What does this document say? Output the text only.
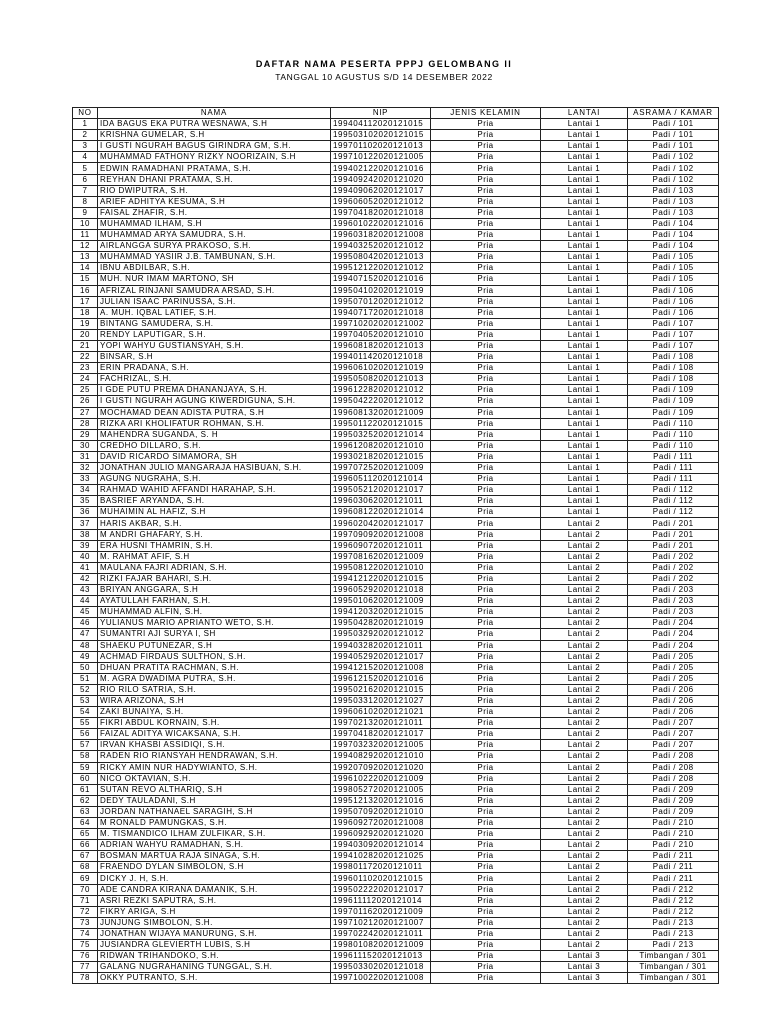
DAFTAR NAMA PESERTA PPPJ GELOMBANG II
TANGGAL 10 AGUSTUS S/D 14 DESEMBER 2022
NO	NAMA	NIP	JENIS KELAMIN	LANTAI	ASRAMA / KAMAR
1	IDA BAGUS EKA PUTRA WESNAWA, S.H	199404112020121015	Pria	Lantai 1	Padi / 101
2	KRISHNA GUMELAR, S.H	199503102020121015	Pria	Lantai 1	Padi / 101
3	I GUSTI NGURAH BAGUS GIRINDRA GM, S.H.	199701102020121013	Pria	Lantai 1	Padi / 101
4	MUHAMMAD FATHONY RIZKY NOORIZAIN, S.H	199710122020121005	Pria	Lantai 1	Padi / 102
5	EDWIN RAMADHANI PRATAMA, S.H.	199402122020121016	Pria	Lantai 1	Padi / 102
6	REYHAN DHANI PRATAMA, S.H.	199409242020121020	Pria	Lantai 1	Padi / 102
7	RIO DWIPUTRA, S.H.	199409062020121017	Pria	Lantai 1	Padi / 103
8	ARIEF ADHITYA KESUMA, S.H	199606052020121012	Pria	Lantai 1	Padi / 103
9	FAISAL ZHAFIR, S.H.	199704182020121018	Pria	Lantai 1	Padi / 103
10	MUHAMMAD ILHAM, S.H	199601022020121016	Pria	Lantai 1	Padi / 104
11	MUHAMMAD ARYA SAMUDRA, S.H.	199603182020121008	Pria	Lantai 1	Padi / 104
12	AIRLANGGA SURYA PRAKOSO, S.H.	199403252020121012	Pria	Lantai 1	Padi / 104
13	MUHAMMAD YASIIR J.B. TAMBUNAN, S.H.	199508042020121013	Pria	Lantai 1	Padi / 105
14	IBNU ABDILBAR, S.H.	199512122020121012	Pria	Lantai 1	Padi / 105
15	MUH. NUR IMAM MARTONO, SH	199407152020121016	Pria	Lantai 1	Padi / 105
16	AFRIZAL RINJANI SAMUDRA ARSAD, S.H.	199504102020121019	Pria	Lantai 1	Padi / 106
17	JULIAN ISAAC PARINUSSA, S.H.	199507012020121012	Pria	Lantai 1	Padi / 106
18	A. MUH. IQBAL LATIEF, S.H.	199407172020121018	Pria	Lantai 1	Padi / 106
19	BINTANG SAMUDERA, S.H.	199710202020121002	Pria	Lantai 1	Padi / 107
20	RENDY LAPUTIGAR, S.H.	199704052020121010	Pria	Lantai 1	Padi / 107
21	YOPI WAHYU GUSTIANSYAH, S.H.	199608182020121013	Pria	Lantai 1	Padi / 107
22	BINSAR, S.H	199401142020121018	Pria	Lantai 1	Padi / 108
23	ERIN PRADANA, S.H.	199606102020121019	Pria	Lantai 1	Padi / 108
24	FACHRIZAL, S.H.	199505082020121013	Pria	Lantai 1	Padi / 108
25	I GDE PUTU PREMA DHANANJAYA, S.H.	199612282020121012	Pria	Lantai 1	Padi / 109
26	I GUSTI NGURAH AGUNG KIWERDIGUNA, S.H.	199504222020121012	Pria	Lantai 1	Padi / 109
27	MOCHAMAD DEAN ADISTA PUTRA, S.H	199608132020121009	Pria	Lantai 1	Padi / 109
28	RIZKA ARI KHOLIFATUR ROHMAN, S.H.	199501122020121015	Pria	Lantai 1	Padi / 110
29	MAHENDRA SUGANDA, S. H	199503252020121014	Pria	Lantai 1	Padi / 110
30	CREDHO DILLARO, S.H.	199612082020121010	Pria	Lantai 1	Padi / 110
31	DAVID RICARDO SIMAMORA, SH	199302182020121015	Pria	Lantai 1	Padi / 111
32	JONATHAN JULIO MANGARAJA HASIBUAN, S.H.	199707252020121009	Pria	Lantai 1	Padi / 111
33	AGUNG NUGRAHA, S.H.	199605112020121014	Pria	Lantai 1	Padi / 111
34	RAHMAD WAHID AFFANDI HARAHAP, S.H.	199505212020121017	Pria	Lantai 1	Padi / 112
35	BASRIEF ARYANDA, S.H.	199603062020121011	Pria	Lantai 1	Padi / 112
36	MUHAIMIN AL HAFIZ, S.H	199608122020121014	Pria	Lantai 1	Padi / 112
37	HARIS AKBAR, S.H.	199602042020121017	Pria	Lantai 2	Padi / 201
38	M ANDRI GHAFARY, S.H.	199709092020121008	Pria	Lantai 2	Padi / 201
39	ERA HUSNI THAMRIN, S.H.	199609072020121011	Pria	Lantai 2	Padi / 201
40	M. RAHMAT AFIF, S.H	199708162020121009	Pria	Lantai 2	Padi / 202
41	MAULANA FAJRI ADRIAN, S.H.	199508122020121010	Pria	Lantai 2	Padi / 202
42	RIZKI FAJAR BAHARI, S.H.	199412122020121015	Pria	Lantai 2	Padi / 202
43	BRIYAN ANGGARA, S.H	199605292020121018	Pria	Lantai 2	Padi / 203
44	AYATULLAH FARHAN, S.H.	199501062020121009	Pria	Lantai 2	Padi / 203
45	MUHAMMAD ALFIN, S.H.	199412032020121015	Pria	Lantai 2	Padi / 203
46	YULIANUS MARIO APRIANTO WETO, S.H.	199504282020121019	Pria	Lantai 2	Padi / 204
47	SUMANTRI AJI SURYA I, SH	199503292020121012	Pria	Lantai 2	Padi / 204
48	SHAEKU PUTUNEZAR, S.H	199403282020121011	Pria	Lantai 2	Padi / 204
49	ACHMAD FIRDAUS SULTHON, S.H.	199405292020121017	Pria	Lantai 2	Padi / 205
50	DHUAN PRATITA RACHMAN, S.H.	199412152020121008	Pria	Lantai 2	Padi / 205
51	M. AGRA DWADIMA PUTRA, S.H.	199612152020121016	Pria	Lantai 2	Padi / 205
52	RIO RILO SATRIA, S.H.	199502162020121015	Pria	Lantai 2	Padi / 206
53	WIRA ARIZONA, S.H	199503312020121027	Pria	Lantai 2	Padi / 206
54	ZAKI BUNAIYA, S.H.	199606102020121021	Pria	Lantai 2	Padi / 206
55	FIKRI ABDUL KORNAIN, S.H.	199702132020121011	Pria	Lantai 2	Padi / 207
56	FAIZAL ADITYA WICAKSANA, S.H.	199704182020121017	Pria	Lantai 2	Padi / 207
57	IRVAN KHASBI ASSIDIQI, S.H.	199703232020121005	Pria	Lantai 2	Padi / 207
58	RADEN RIO RIANSYAH HENDRAWAN, S.H.	199408292020121010	Pria	Lantai 2	Padi / 208
59	RICKY AMIN NUR HADYWIANTO, S.H.	199207092020121020	Pria	Lantai 2	Padi / 208
60	NICO OKTAVIAN, S.H.	199610222020121009	Pria	Lantai 2	Padi / 208
61	SUTAN REVO ALTHARIQ, S.H	199805272020121005	Pria	Lantai 2	Padi / 209
62	DEDY TAULADANI, S.H	199512132020121016	Pria	Lantai 2	Padi / 209
63	JORDAN NATHANAEL SARAGIH, S.H	199507092020121010	Pria	Lantai 2	Padi / 209
64	M RONALD PAMUNGKAS, S.H.	199609272020121008	Pria	Lantai 2	Padi / 210
65	M. TISMANDICO ILHAM ZULFIKAR, S.H.	199609292020121020	Pria	Lantai 2	Padi / 210
66	ADRIAN WAHYU RAMADHAN, S.H.	199403092020121014	Pria	Lantai 2	Padi / 210
67	BOSMAN MARTUA RAJA SINAGA, S.H.	199410282020121025	Pria	Lantai 2	Padi / 211
68	FRAENDO DYLAN SIMBOLON, S.H	199801172020121011	Pria	Lantai 2	Padi / 211
69	DICKY J. H, S.H.	199601102020121015	Pria	Lantai 2	Padi / 211
70	ADE CANDRA KIRANA DAMANIK, S.H.	199502222020121017	Pria	Lantai 2	Padi / 212
71	ASRI REZKI SAPUTRA, S.H.	199611112020121014	Pria	Lantai 2	Padi / 212
72	FIKRY ARIGA, S.H	199701162020121009	Pria	Lantai 2	Padi / 212
73	JUNJUNG SIMBOLON, S.H.	199710212020121007	Pria	Lantai 2	Padi / 213
74	JONATHAN WIJAYA MANURUNG, S.H.	199702242020121011	Pria	Lantai 2	Padi / 213
75	JUSIANDRA GLEVIERTH LUBIS, S.H	199801082020121009	Pria	Lantai 2	Padi / 213
76	RIDWAN TRIHANDOKO, S.H.	199611152020121013	Pria	Lantai 3	Timbangan / 301
77	GALANG NUGRAHANING TUNGGAL, S.H.	199503302020121018	Pria	Lantai 3	Timbangan / 301
78	OKKY PUTRANTO, S.H.	199710022020121008	Pria	Lantai 3	Timbangan / 301
